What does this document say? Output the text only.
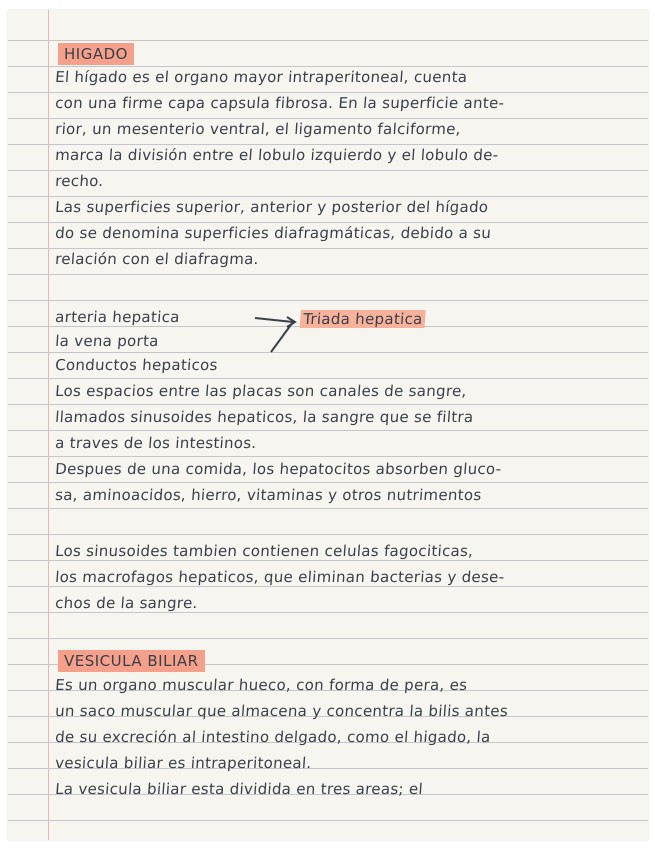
HIGADO
El hígado es el organo mayor intraperitoneal, cuenta
con una firme capa capsula fibrosa. En la superficie ante-
rior, un mesenterio ventral, el ligamento falciforme,
marca la división entre el lobulo izquierdo y el lobulo de-
recho.
Las superficies superior, anterior y posterior del hígado
do se denomina superficies diafragmáticas, debido a su
relación con el diafragma.
arteria hepatica
la vena porta
Conductos hepaticos
Triada hepatica
Los espacios entre las placas son canales de sangre,
llamados sinusoides hepaticos, la sangre que se filtra
a traves de los intestinos.
Despues de una comida, los hepatocitos absorben gluco-
sa, aminoacidos, hierro, vitaminas y otros nutrimentos
Los sinusoides tambien contienen celulas fagociticas,
los macrofagos hepaticos, que eliminan bacterias y dese-
chos de la sangre.
VESICULA BILIAR
Es un organo muscular hueco, con forma de pera, es
un saco muscular que almacena y concentra la bilis antes
de su excreción al intestino delgado, como el higado, la
vesicula biliar es intraperitoneal.
La vesicula biliar esta dividida en tres areas; el
